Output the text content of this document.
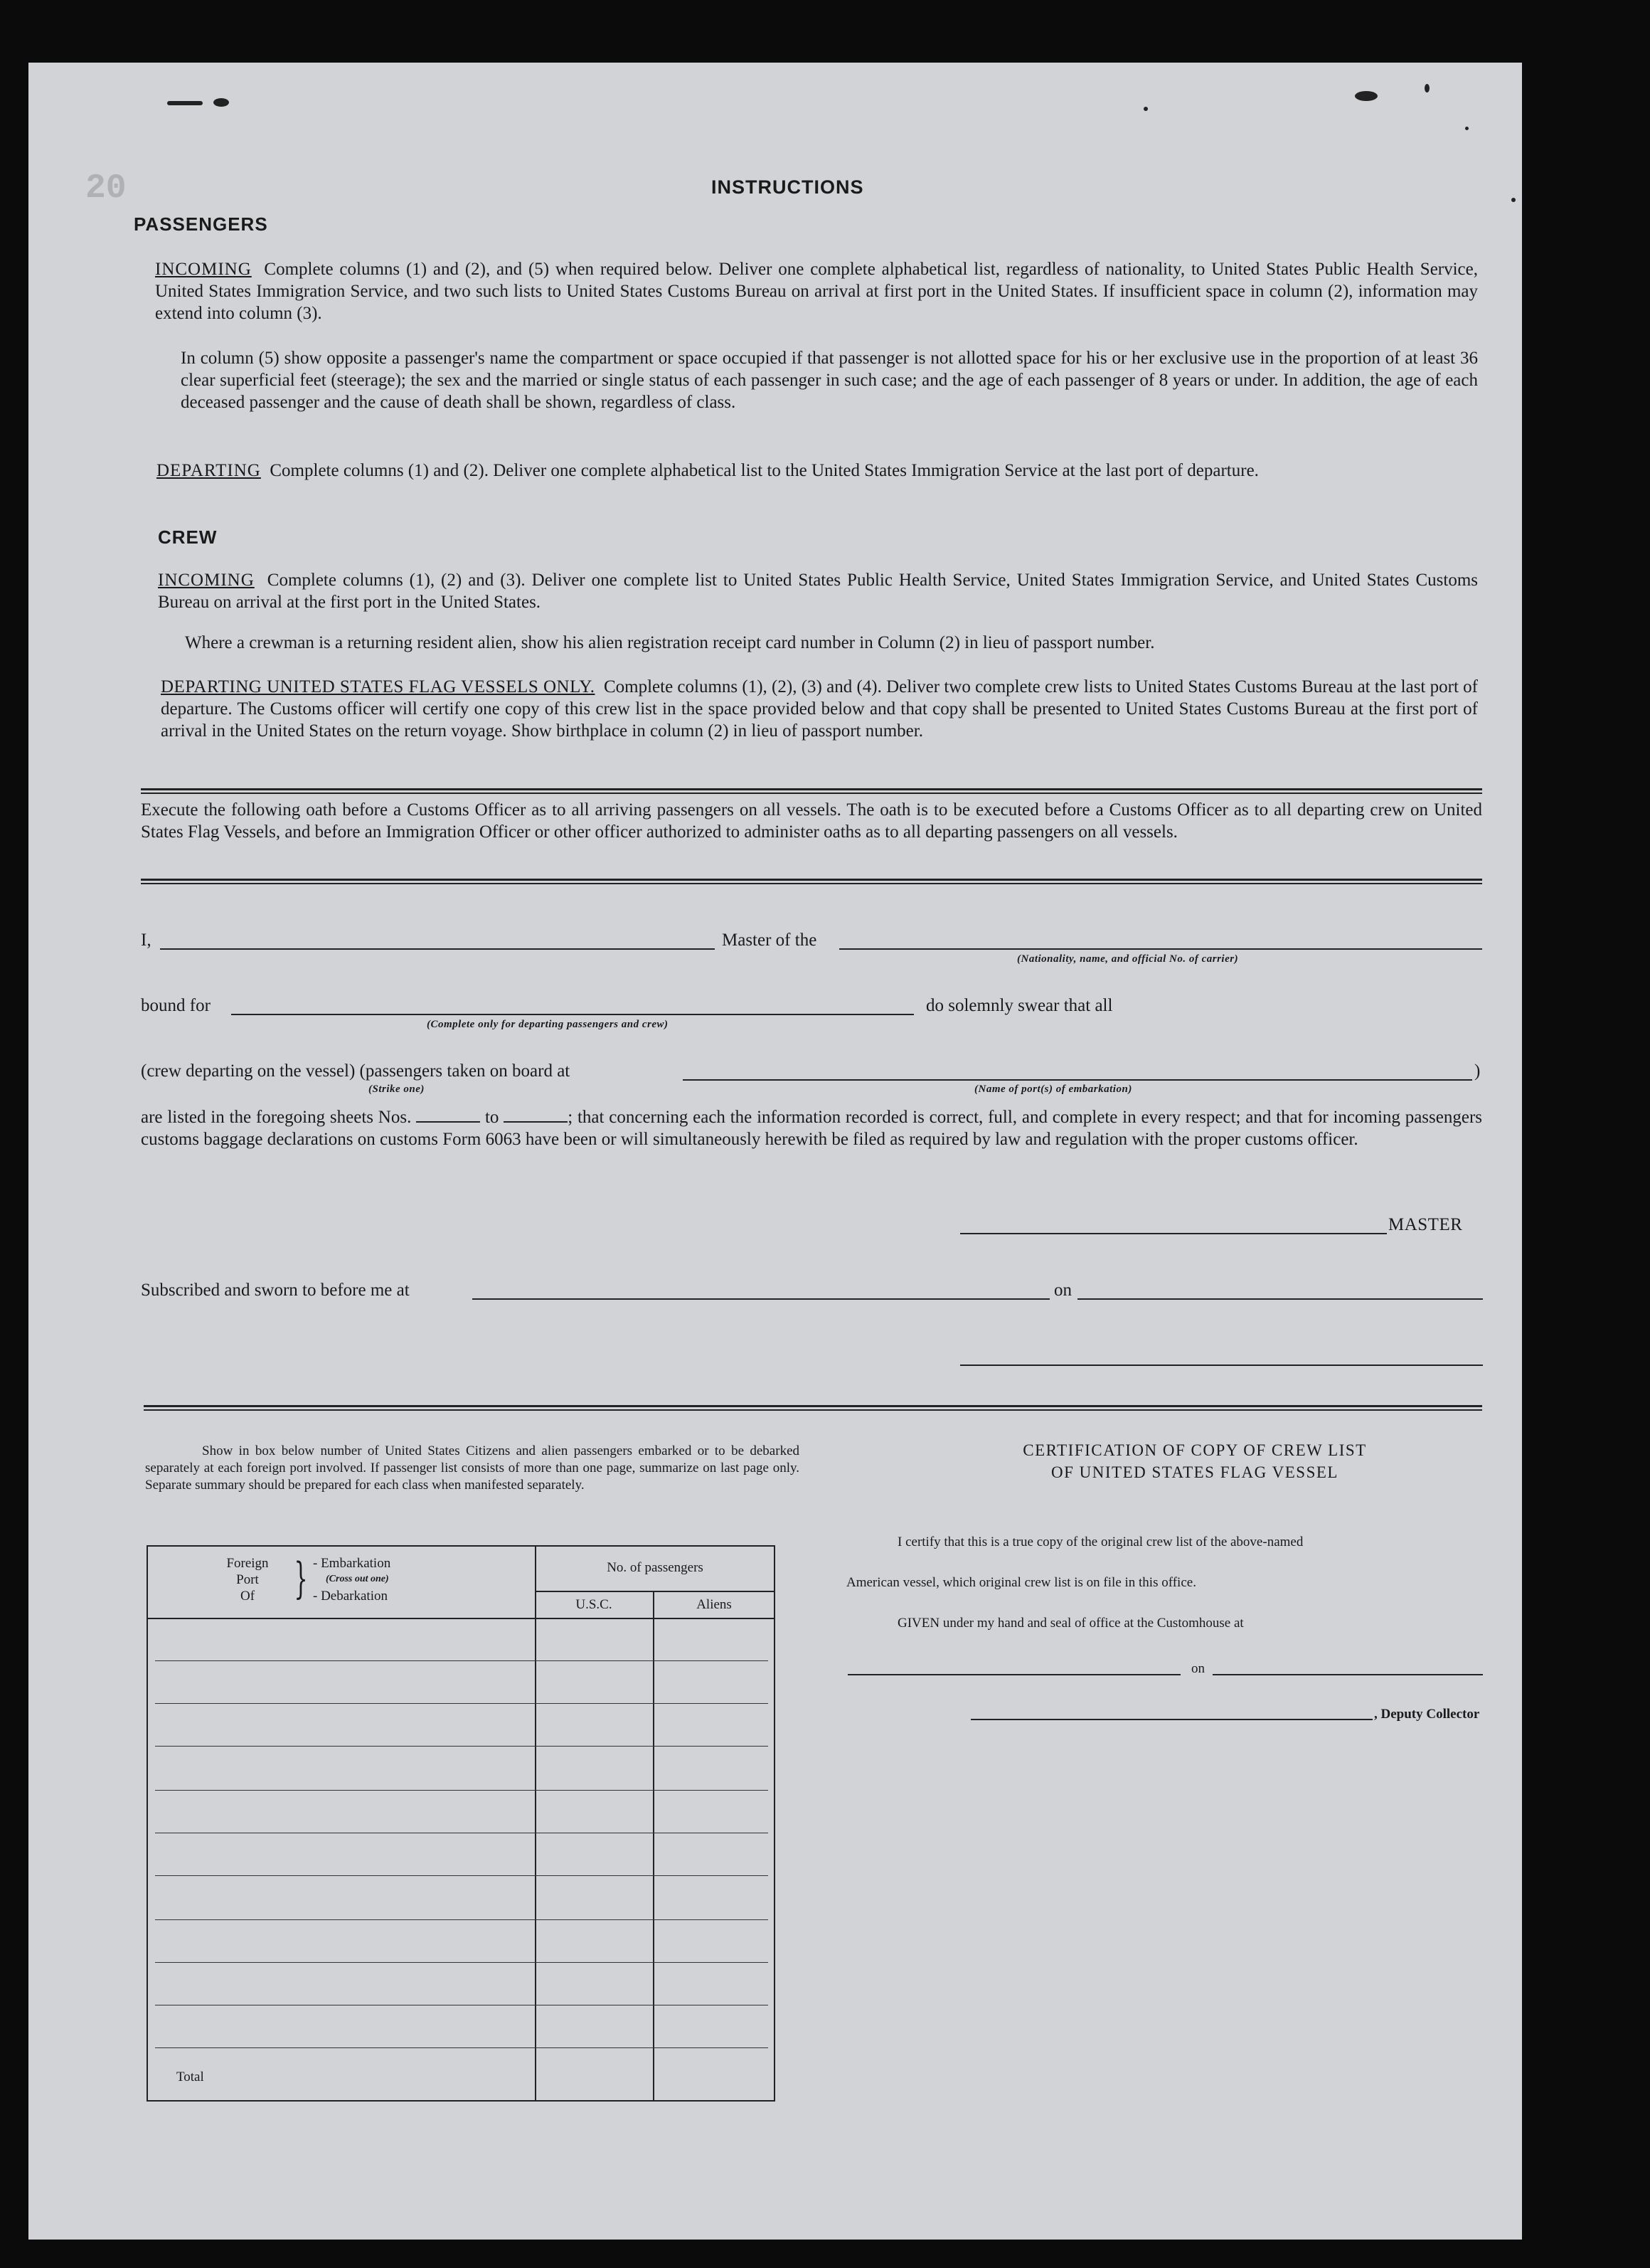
20	INSTRUCTIONS
PASSENGERS
INCOMING Complete columns (1) and (2), and (5) when required below. Deliver one complete alphabetical list, regardless of nationality, to United States Public Health Service, United States Immigration Service, and two such lists to United States Customs Bureau on arrival at first port in the United States. If insufficient space in column (2), information may extend into column (3).
In column (5) show opposite a passenger's name the compartment or space occupied if that passenger is not allotted space for his or her exclusive use in the proportion of at least 36 clear superficial feet (steerage); the sex and the married or single status of each passenger in such case; and the age of each passenger of 8 years or under. In addition, the age of each deceased passenger and the cause of death shall be shown, regardless of class.
DEPARTING Complete columns (1) and (2). Deliver one complete alphabetical list to the United States Immigration Service at the last port of departure.
CREW
INCOMING Complete columns (1), (2) and (3). Deliver one complete list to United States Public Health Service, United States Immigration Service, and United States Customs Bureau on arrival at the first port in the United States.
Where a crewman is a returning resident alien, show his alien registration receipt card number in Column (2) in lieu of passport number.
DEPARTING UNITED STATES FLAG VESSELS ONLY. Complete columns (1), (2), (3) and (4). Deliver two complete crew lists to United States Customs Bureau at the last port of departure. The Customs officer will certify one copy of this crew list in the space provided below and that copy shall be presented to United States Customs Bureau at the first port of arrival in the United States on the return voyage. Show birthplace in column (2) in lieu of passport number.
Execute the following oath before a Customs Officer as to all arriving passengers on all vessels. The oath is to be executed before a Customs Officer as to all departing crew on United States Flag Vessels, and before an Immigration Officer or other officer authorized to administer oaths as to all departing passengers on all vessels.
I,	Master of the
(Nationality, name, and official No. of carrier)
bound for
(Complete only for departing passengers and crew)
do solemnly swear that all
(crew departing on the vessel) (passengers taken on board at	)
(Strike one)	(Name of port(s) of embarkation)
are listed in the foregoing sheets Nos.	to	; that concerning each the information recorded is correct, full, and complete in every respect; and that for incoming passengers customs baggage declarations on customs Form 6063 have been or will simultaneously herewith be filed as required by law and regulation with the proper customs officer.
MASTER
Subscribed and sworn to before me at	on
Show in box below number of United States Citizens and alien passengers embarked or to be debarked separately at each foreign port involved. If passenger list consists of more than one page, summarize on last page only. Separate summary should be prepared for each class when manifested separately.
Foreign
Port
Of } - Embarkation
(Cross out one)
- Debarkation
No. of passengers
U.S.C.	Aliens
Total
CERTIFICATION OF COPY OF CREW LIST
OF UNITED STATES FLAG VESSEL
I certify that this is a true copy of the original crew list of the above-named
American vessel, which original crew list is on file in this office.
GIVEN under my hand and seal of office at the Customhouse at
on
, Deputy Collector
